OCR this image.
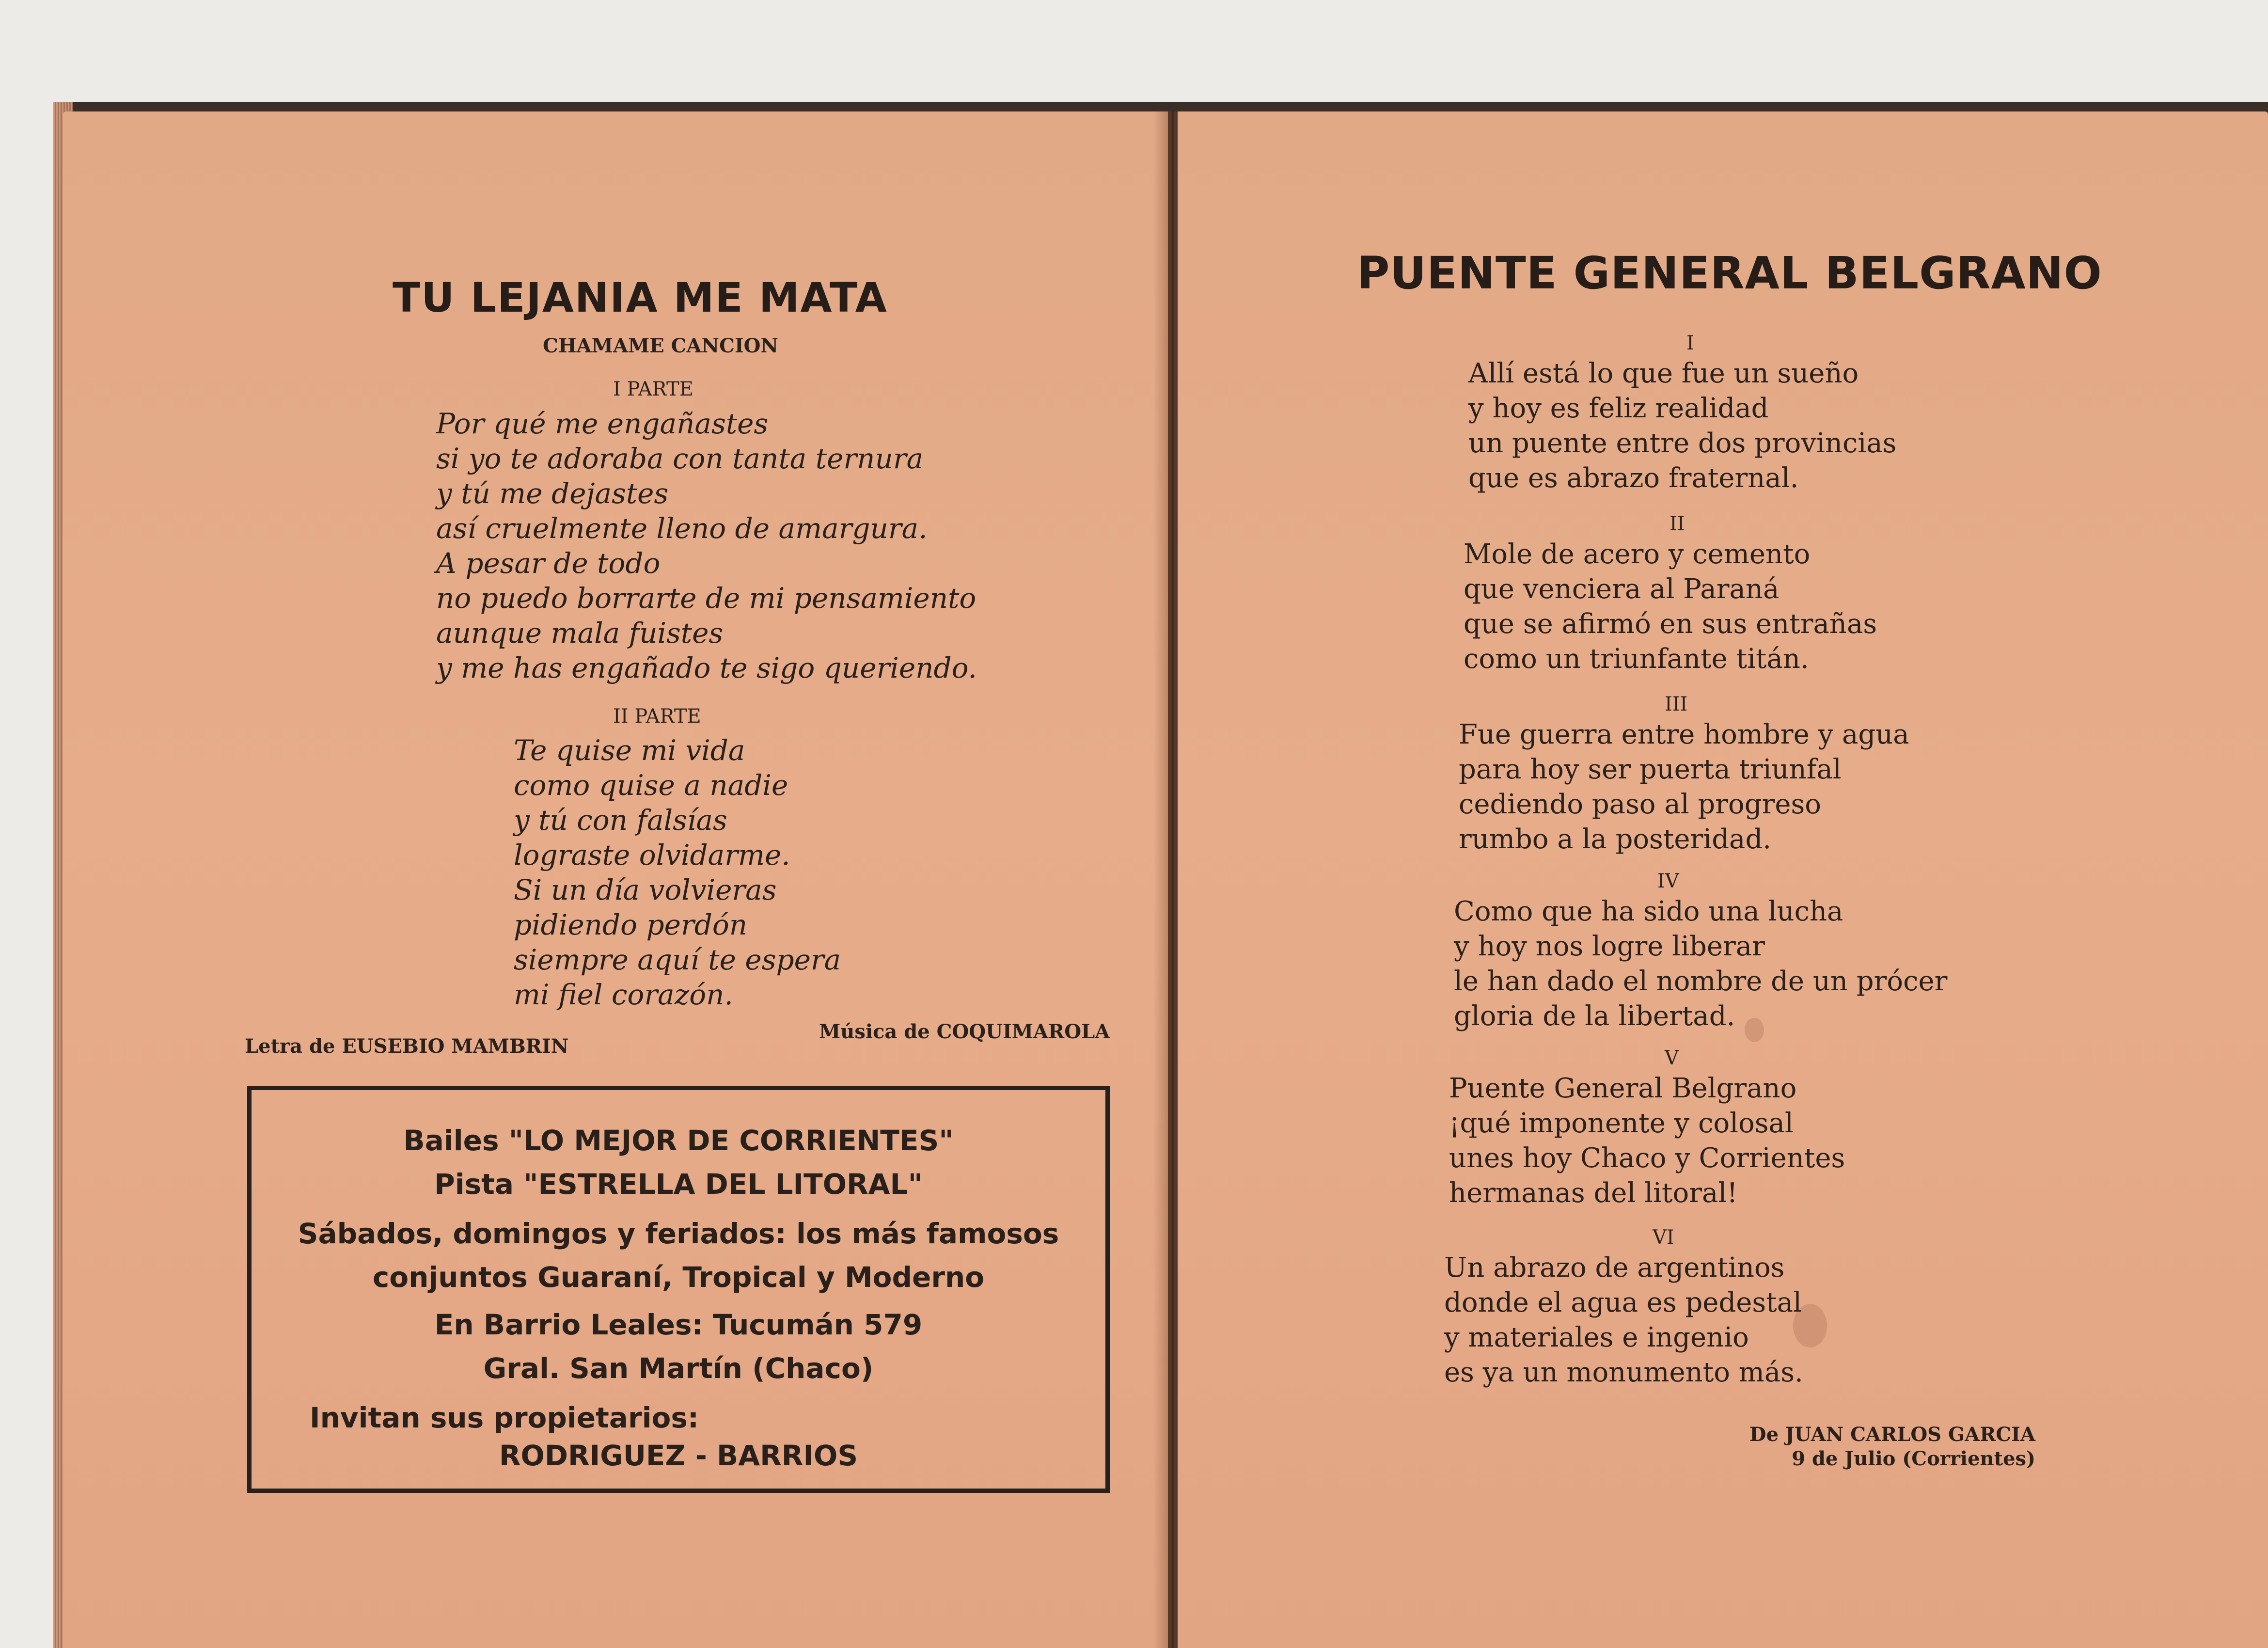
TU LEJANIA ME MATA
CHAMAME CANCION
I PARTE
Por qué me engañastes
si yo te adoraba con tanta ternura
y tú me dejastes
así cruelmente lleno de amargura.
A pesar de todo
no puedo borrarte de mi pensamiento
aunque mala fuistes
y me has engañado te sigo queriendo.
II PARTE
Te quise mi vida
como quise a nadie
y tú con falsías
lograste olvidarme.
Si un día volvieras
pidiendo perdón
siempre aquí te espera
mi fiel corazón.
Letra de EUSEBIO MAMBRIN
Música de COQUIMAROLA
Bailes "LO MEJOR DE CORRIENTES"
Pista "ESTRELLA DEL LITORAL"
Sábados, domingos y feriados: los más famosos
conjuntos Guaraní, Tropical y Moderno
En Barrio Leales: Tucumán 579
Gral. San Martín (Chaco)
Invitan sus propietarios:
RODRIGUEZ - BARRIOS
PUENTE GENERAL BELGRANO
I
Allí está lo que fue un sueño
y hoy es feliz realidad
un puente entre dos provincias
que es abrazo fraternal.
II
Mole de acero y cemento
que venciera al Paraná
que se afirmó en sus entrañas
como un triunfante titán.
III
Fue guerra entre hombre y agua
para hoy ser puerta triunfal
cediendo paso al progreso
rumbo a la posteridad.
IV
Como que ha sido una lucha
y hoy nos logre liberar
le han dado el nombre de un prócer
gloria de la libertad.
V
Puente General Belgrano
¡qué imponente y colosal
unes hoy Chaco y Corrientes
hermanas del litoral!
VI
Un abrazo de argentinos
donde el agua es pedestal
y materiales e ingenio
es ya un monumento más.
De JUAN CARLOS GARCIA
9 de Julio (Corrientes)
